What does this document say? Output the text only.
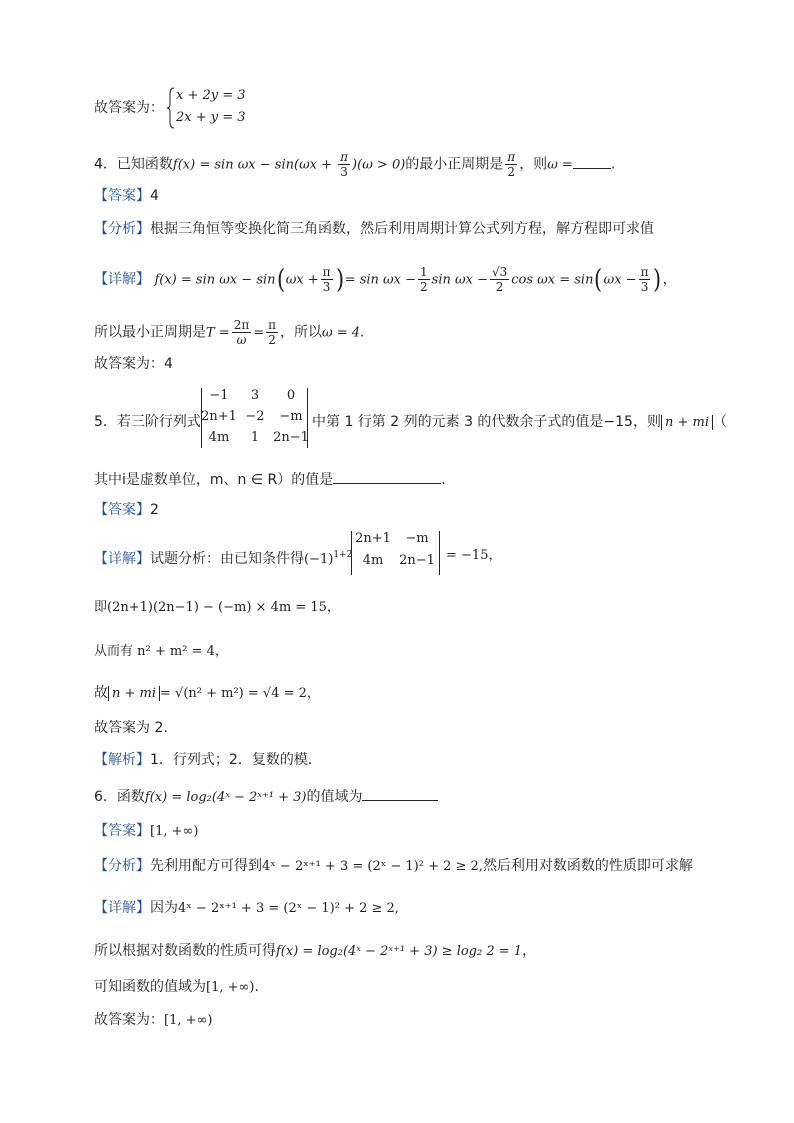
故答案为：
x + 2y = 3
2x + y = 3
4．已知函数$f(x) = \sin \omega x - \sin(\omega x + \frac{\pi}{3} )(\omega > 0)$的最小正周期是 $\frac{\pi}{2}$ ，则ω =	.
【答案】4
【分析】根据三角恒等变换化简三角函数，然后利用周期计算公式列方程，解方程即可求值
【详解】 $f(x) = \sin \omega x - \sin(\omega x + \frac{\pi}{3}$ )= $\sin \omega x - \frac{1}{2}$ $\sin \omega x - \frac{√3}{2}$ $\cos \omega x = \sin(\omega x - \frac{\pi}{3}$ )，
所以最小正周期是$T = \frac{2\pi}{\omega} = \frac{\pi}{2}$ ，所以ω = 4.
故答案为：4
5．若三阶行列式
−1	3	0
2n+1 −2	−m
4m	1	2n−1
中第 1 行第 2 列的元素 3 的代数余子式的值是−15，则 n + mi （
其中i是虚数单位，m、n ∈ R）的值是	.
【答案】2
【详解】试题分析：由已知条件得$(-1)^{1+2}$
2n+1	−m
4m	2n−1 = −15，
即(2n+1)(2n−1) − (−m) × 4m = 15，
从而有 n² + m² = 4，
故 n + mi = √(n² + m²) = √4 = 2，
故答案为 2.
【解析】1．行列式；2．复数的模．
6．函数f(x) = log₂(4ˣ − 2ˣ⁺¹ + 3)的值域为
【答案】[1, +∞)
【分析】先利用配方可得到4ˣ − 2ˣ⁺¹ + 3 = (2ˣ − 1)² + 2 ≥ 2,然后利用对数函数的性质即可求解
【详解】因为4ˣ − 2ˣ⁺¹ + 3 = (2ˣ − 1)² + 2 ≥ 2,
所以根据对数函数的性质可得f(x) = log₂(4ˣ − 2ˣ⁺¹ + 3) ≥ log₂ 2 = 1，
可知函数的值域为[1, +∞).
故答案为：[1, +∞)
